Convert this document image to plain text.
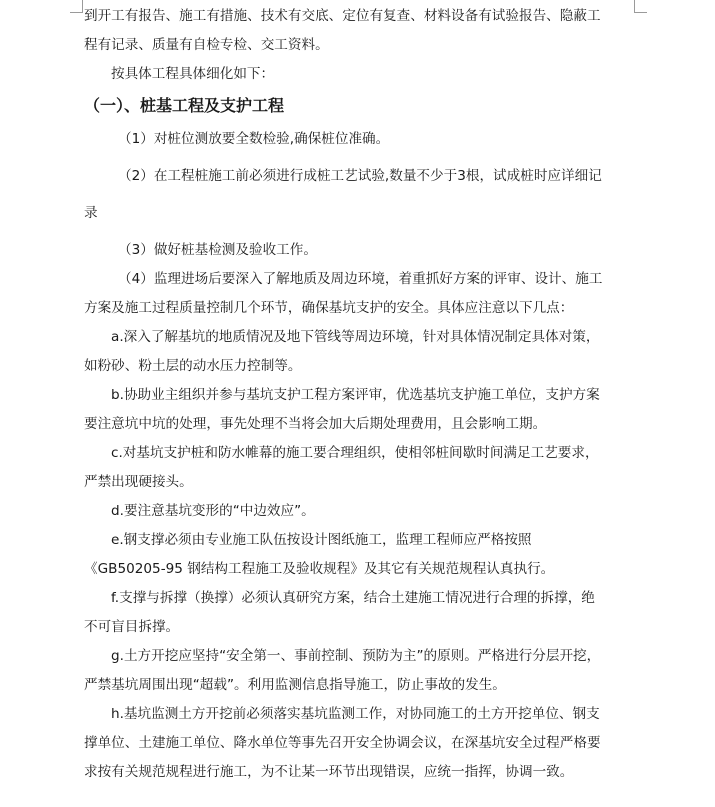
到开工有报告、施工有措施、技术有交底、定位有复查、材料设备有试验报告、隐蔽工

程有记录、质量有自检专检、交工资料。

按具体工程具体细化如下：

（一）、桩基工程及支护工程

（1）对桩位测放要全数检验,确保桩位准确。

（2）在工程桩施工前必须进行成桩工艺试验,数量不少于3根，试成桩时应详细记

录

（3）做好桩基检测及验收工作。

（4）监理进场后要深入了解地质及周边环境，着重抓好方案的评审、设计、施工

方案及施工过程质量控制几个环节，确保基坑支护的安全。具体应注意以下几点：

a.深入了解基坑的地质情况及地下管线等周边环境，针对具体情况制定具体对策，

如粉砂、粉土层的动水压力控制等。

b.协助业主组织并参与基坑支护工程方案评审，优选基坑支护施工单位，支护方案

要注意坑中坑的处理，事先处理不当将会加大后期处理费用，且会影响工期。

c.对基坑支护桩和防水帷幕的施工要合理组织，使相邻桩间歇时间满足工艺要求，

严禁出现硬接头。

d.要注意基坑变形的“中边效应”。

e.钢支撑必须由专业施工队伍按设计图纸施工，监理工程师应严格按照

《GB50205-95 钢结构工程施工及验收规程》及其它有关规范规程认真执行。

f.支撑与拆撑（换撑）必须认真研究方案，结合土建施工情况进行合理的拆撑，绝

不可盲目拆撑。

g.土方开挖应坚持“安全第一、事前控制、预防为主”的原则。严格进行分层开挖，

严禁基坑周围出现“超载”。利用监测信息指导施工，防止事故的发生。

h.基坑监测土方开挖前必须落实基坑监测工作，对协同施工的土方开挖单位、钢支

撑单位、土建施工单位、降水单位等事先召开安全协调会议，在深基坑安全过程严格要

求按有关规范规程进行施工，为不让某一环节出现错误，应统一指挥，协调一致。
